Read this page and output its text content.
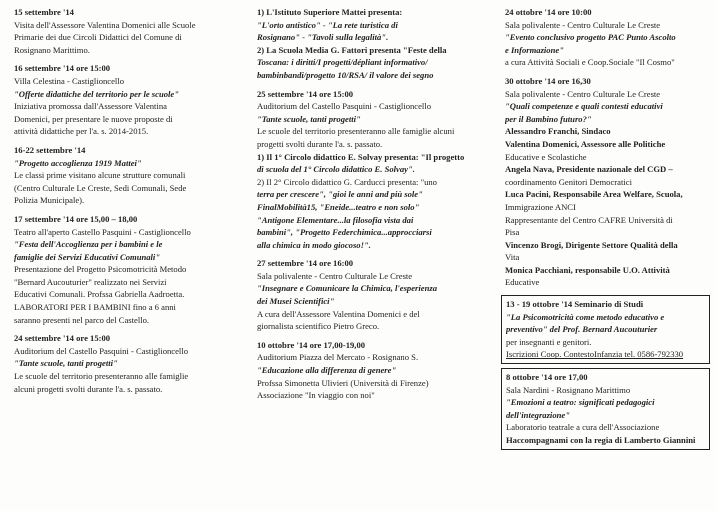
15 settembre '14
Visita dell'Assessore Valentina Domenici alle Scuole
Primarie dei due Circoli Didattici del Comune di
Rosignano Marittimo.
16 settembre '14 ore 15:00
Villa Celestina - Castiglioncello
"Offerte didattiche del territorio per le scuole"
Iniziativa promossa dall'Assessore Valentina
Domenici, per presentare le nuove proposte di
attività didattiche per l'a. s. 2014-2015.
16-22 settembre '14
"Progetto accoglienza 1919 Mattei"
Le classi prime visitano alcune strutture comunali
(Centro Culturale Le Creste, Sedi Comunali, Sede
Polizia Municipale).
17 settembre '14 ore 15,00 – 18,00
Teatro all'aperto Castello Pasquini - Castiglioncello
"Festa dell'Accoglienza per i bambini e le
famiglie dei Servizi Educativi Comunali"
Presentazione del Progetto Psicomotricità Metodo
"Bernard Aucouturier" realizzato nei Servizi
Educativi Comunali. Profssa Gabriella Aadroetta.
LABORATORI PER I BAMBINI fino a 6 anni
saranno presenti nel parco del Castello.
24 settembre '14 ore 15:00
Auditorium del Castello Pasquini - Castiglioncello
"Tante scuole, tanti progetti"
Le scuole del territorio presenteranno alle famiglie
alcuni progetti svolti durante l'a. s. passato.
1) L'Istituto Superiore Mattei presenta:
"L'orto antistico" - "La rete turistica di
Rosignano" - "Tavoli sulla legalità".
2) La Scuola Media G. Fattori presenta "Feste della
Toscana: i diritti/I progetti/dépliant informativo/
bambinbandi/progetto 10/RSA/ il valore dei segno
25 settembre '14 ore 15:00
Auditorium del Castello Pasquini - Castiglioncello
"Tante scuole, tanti progetti"
Le scuole del territorio presenteranno alle famiglie alcuni
progetti svolti durante l'a. s. passato.
1) Il 1° Circolo didattico E. Solvay presenta: "Il progetto
di scuola del 1° Circolo didattico E. Solvay".
2) Il 2° Circolo didattico G. Carducci presenta: "uno
terra per crescere", "gioi le anni and più sole"
FinalMobilità15, "Eneide...teatro e non solo"
"Antigone Elementare...la filosofia vista dai
bambini", "Progetto Federchimica...approcciarsi
alla chimica in modo giocoso!".
27 settembre '14 ore 16:00
Sala polivalente - Centro Culturale Le Creste
"Insegnare e Comunicare la Chimica, l'esperienza
dei Musei Scientifici"
A cura dell'Assessore Valentina Domenici e del
giornalista scientifico Pietro Greco.
10 ottobre '14 ore 17,00-19,00
Auditorium Piazza del Mercato - Rosignano S.
"Educazione alla differenza di genere"
Profssa Simonetta Ulivieri (Università di Firenze)
Associazione "In viaggio con noi"
24 ottobre '14 ore 10:00
Sala polivalente - Centro Culturale Le Creste
"Evento conclusivo progetto PAC Punto Ascolto
e Informazione"
a cura Attività Sociali e Coop.Sociale "Il Cosmo"
30 ottobre '14 ore 16,30
Sala polivalente - Centro Culturale Le Creste
"Quali competenze e quali contesti educativi
per il Bambino futuro?"
Alessandro Franchi, Sindaco
Valentina Domenici, Assessore alle Politiche
Educative e Scolastiche
Angela Nava, Presidente nazionale del CGD –
coordinamento Genitori Democratici
Luca Pacini, Responsabile Area Welfare, Scuola,
Immigrazione ANCI
Rappresentante del Centro CAFRE Università di
Pisa
Vincenzo Brogi, Dirigente Settore Qualità della
Vita
Monica Pacchiani, responsabile U.O. Attività
Educative
13 - 19 ottobre '14 Seminario di Studi
"La Psicomotricità come metodo educativo e
preventivo" del Prof. Bernard Aucouturier
per insegnanti e genitori.
Iscrizioni Coop. ContestoInfanzia tel. 0586-792330
8 ottobre '14 ore 17,00
Sala Nardini - Rosignano Marittimo
"Emozioni a teatro: significati pedagogici
dell'integrazione"
Laboratorio teatrale a cura dell'Associazione
Haccompagnami con la regia di Lamberto Giannini
